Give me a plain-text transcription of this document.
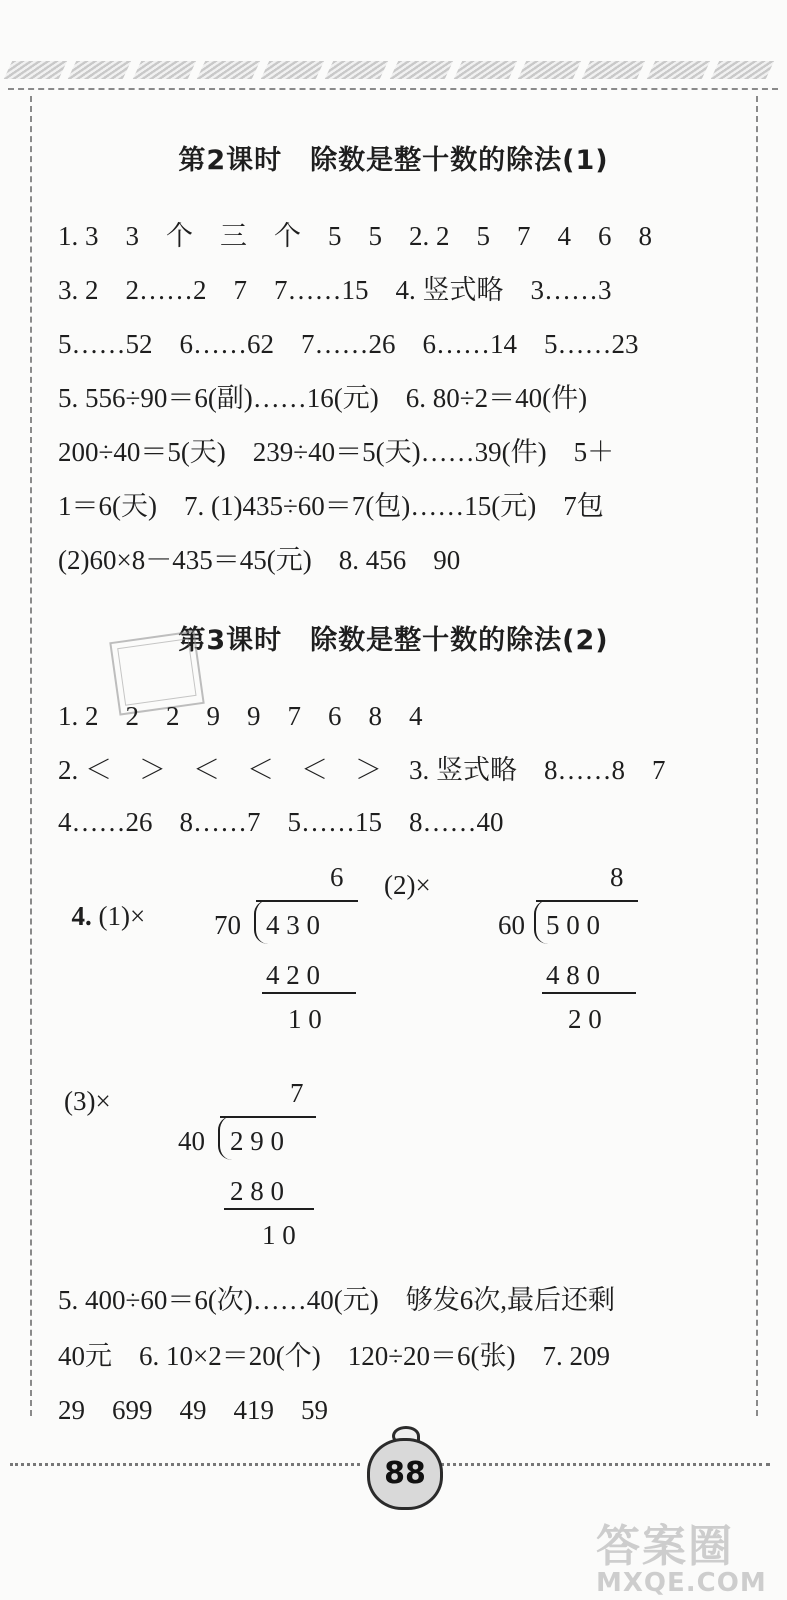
第2课时　除数是整十数的除法(1)
1. 3　3　个　三　个　5　5　2. 2　5　7　4　6　8
3. 2　2……2　7　7……15　4. 竖式略　3……3
5……52　6……62　7……26　6……14　5……23
5. 556÷90＝6(副)……16(元)　6. 80÷2＝40(件)
200÷40＝5(天)　239÷40＝5(天)……39(件)　5＋
1＝6(天)　7. (1)435÷60＝7(包)……15(元)　7包
(2)60×8－435＝45(元)　8. 456　90
第3课时　除数是整十数的除法(2)
1. 2　2　2　9　9　7　6　8　4
2. ＜　＞　＜　＜　＜　＞　3. 竖式略　8……8　7
4……26　8……7　5……15　8……40

4. (1)×

(2)×
(3)×
6
70 4 3 0
4 2 0
1 0
8
60 5 0 0
4 8 0
2 0
7
40 2 9 0
2 8 0
1 0
5. 400÷60＝6(次)……40(元)　够发6次,最后还剩
40元　6. 10×2＝20(个)　120÷20＝6(张)　7. 209
29　699　49　419　59
88
答案圈
MXQE.COM
